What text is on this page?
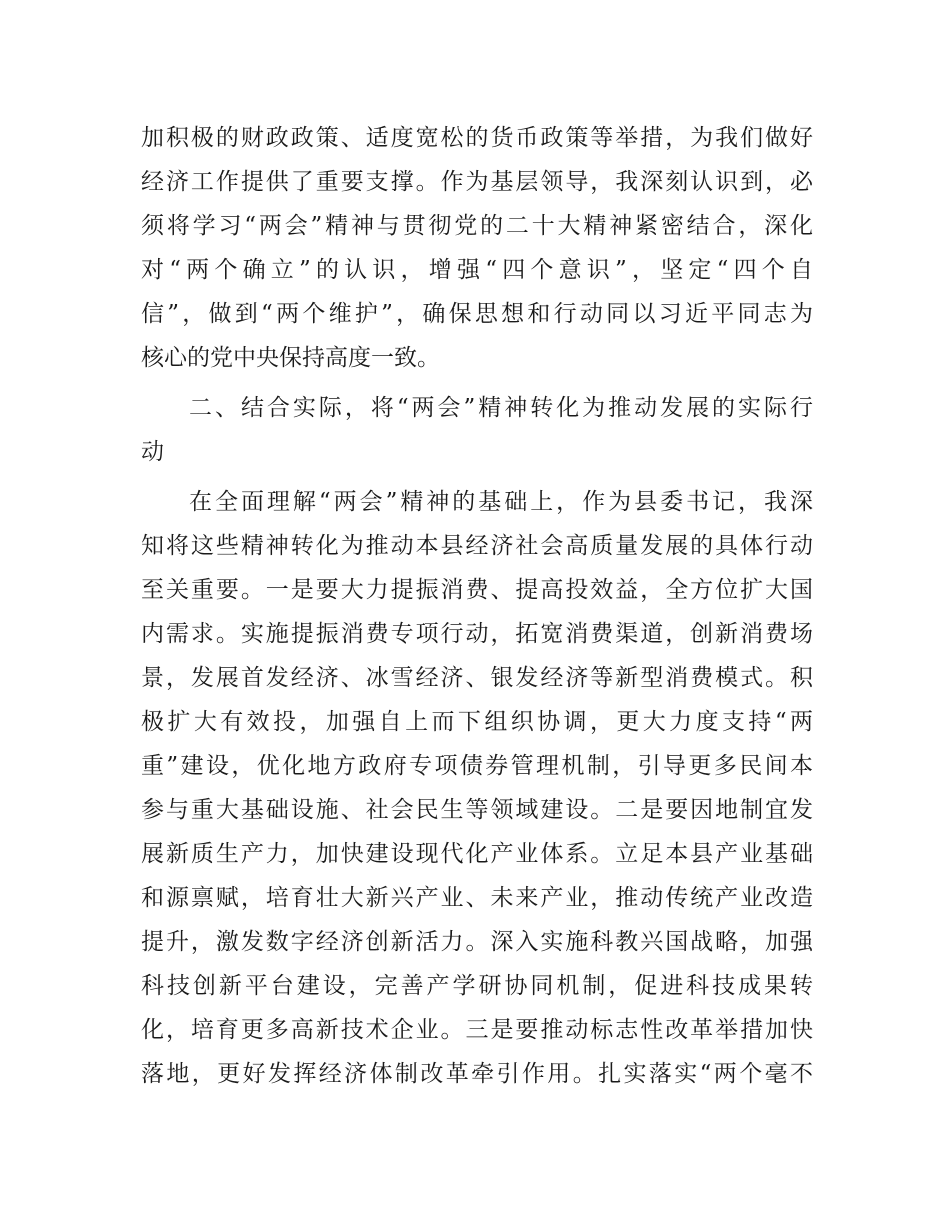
加积极的财政政策、适度宽松的货币政策等举措，为我们做好
经济工作提供了重要支撑。作为基层领导，我深刻认识到，必
须将学习“两会”精神与贯彻党的二十大精神紧密结合，深化
对“两个确立”的认识，增强“四个意识”，坚定“四个自
信”，做到“两个维护”，确保思想和行动同以习近平同志为
核心的党中央保持高度一致。
二、结合实际，将“两会”精神转化为推动发展的实际行
动
在全面理解“两会”精神的基础上，作为县委书记，我深
知将这些精神转化为推动本县经济社会高质量发展的具体行动
至关重要。一是要大力提振消费、提高投效益，全方位扩大国
内需求。实施提振消费专项行动，拓宽消费渠道，创新消费场
景，发展首发经济、冰雪经济、银发经济等新型消费模式。积
极扩大有效投，加强自上而下组织协调，更大力度支持“两
重”建设，优化地方政府专项债券管理机制，引导更多民间本
参与重大基础设施、社会民生等领域建设。二是要因地制宜发
展新质生产力，加快建设现代化产业体系。立足本县产业基础
和源禀赋，培育壮大新兴产业、未来产业，推动传统产业改造
提升，激发数字经济创新活力。深入实施科教兴国战略，加强
科技创新平台建设，完善产学研协同机制，促进科技成果转
化，培育更多高新技术企业。三是要推动标志性改革举措加快
落地，更好发挥经济体制改革牵引作用。扎实落实“两个毫不
